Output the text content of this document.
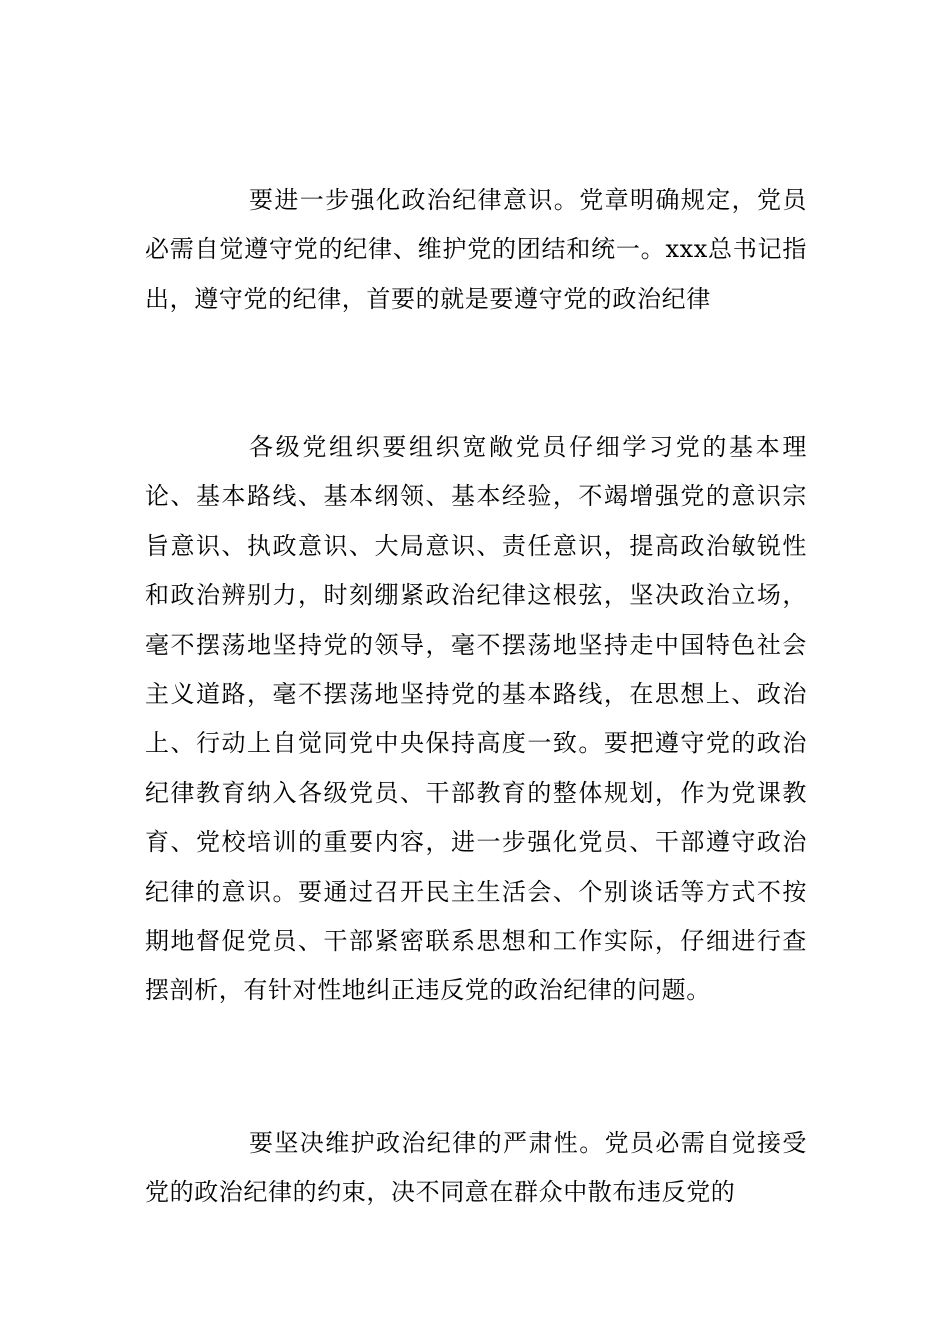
要进一步强化政治纪律意识。党章明确规定，党员必需自觉遵守党的纪律、维护党的团结和统一。xxx总书记指出，遵守党的纪律，首要的就是要遵守党的政治纪律

各级党组织要组织宽敞党员仔细学习党的基本理论、基本路线、基本纲领、基本经验，不竭增强党的意识宗旨意识、执政意识、大局意识、责任意识，提高政治敏锐性和政治辨别力，时刻绷紧政治纪律这根弦，坚决政治立场，毫不摆荡地坚持党的领导，毫不摆荡地坚持走中国特色社会主义道路，毫不摆荡地坚持党的基本路线，在思想上、政治上、行动上自觉同党中央保持高度一致。要把遵守党的政治纪律教育纳入各级党员、干部教育的整体规划，作为党课教育、党校培训的重要内容，进一步强化党员、干部遵守政治纪律的意识。要通过召开民主生活会、个别谈话等方式不按期地督促党员、干部紧密联系思想和工作实际，仔细进行查摆剖析，有针对性地纠正违反党的政治纪律的问题。

要坚决维护政治纪律的严肃性。党员必需自觉接受党的政治纪律的约束，决不同意在群众中散布违反党的
